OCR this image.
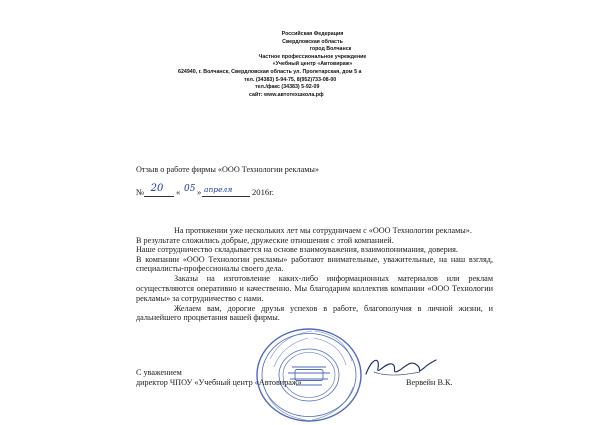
Российская Федерация
Свердловская область
город Волчанск
Частное профессиональное учреждение
«Учебный центр «Автовираж»
624940, г. Волчанск, Свердловская область ул. Пролетарская, дом 5 а
тел. (34383) 5-94-75, 8(952)733-08-00
тел./факс (34383) 5-92-09
сайт: www.автотехшкола.рф
Отзыв о работе фирмы «ООО Технологии рекламы»
№ 20	« 05 » апреля 2016г.

На протяжении уже нескольких лет мы сотрудничаем с «ООО Технологии рекламы».

В результате сложились добрые, дружеские отношения с этой компанией.

Наше сотрудничество складывается на основе взаимоуважения, взаимопонимания, доверия.

В компании «ООО Технологии рекламы» работают внимательные, уважительные, на наш взгляд, специалисты-профессионалы своего дела.

Заказы на изготовление каких-либо информационных материалов или реклам осуществляются оперативно и качественно. Мы благодарим коллектив компании «ООО Технологии рекламы» за сотрудничество с нами.

Желаем вам, дорогие друзья успехов в работе, благополучия в личной жизни, и дальнейшего процветания вашей фирмы.

С уважением
директор ЧПОУ «Учебный центр «Автовираж»	Вервейн В.К.
